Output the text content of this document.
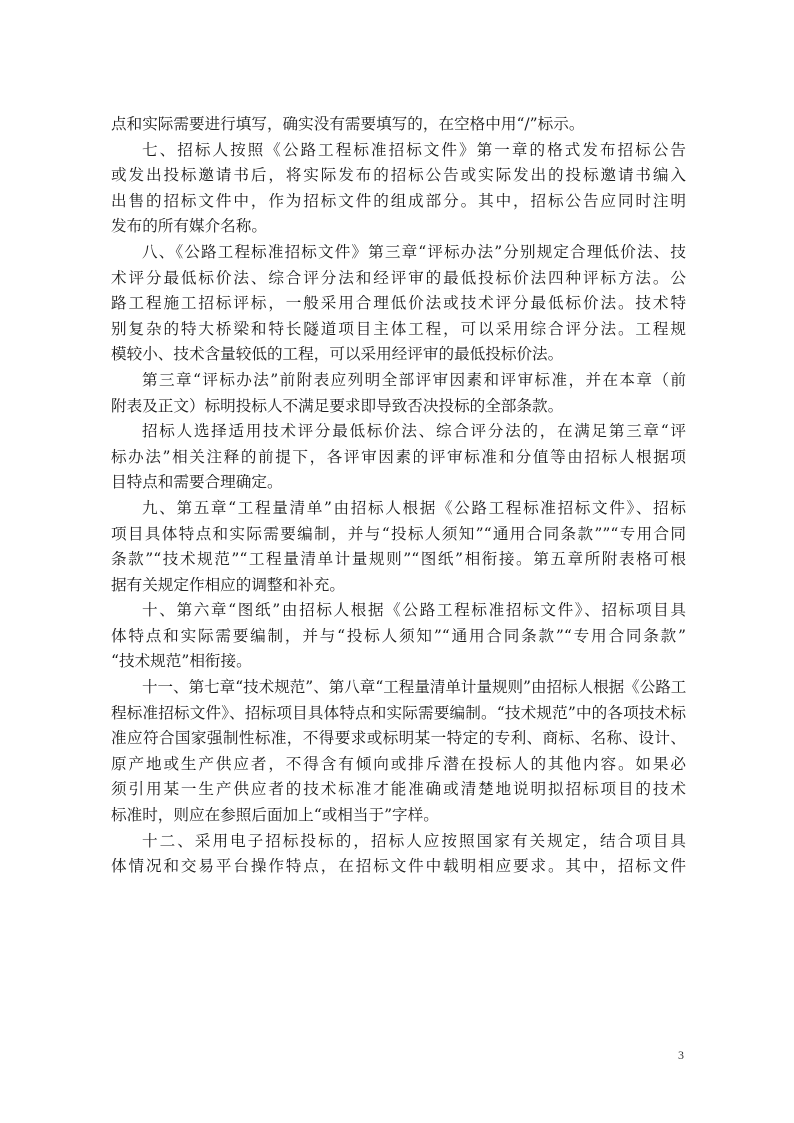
点和实际需要进行填写，确实没有需要填写的，在空格中用“/”标示。
七、招标人按照《公路工程标准招标文件》第一章的格式发布招标公告
或发出投标邀请书后，将实际发布的招标公告或实际发出的投标邀请书编入
出售的招标文件中，作为招标文件的组成部分。其中，招标公告应同时注明
发布的所有媒介名称。
八、《公路工程标准招标文件》第三章“评标办法”分别规定合理低价法、技
术评分最低标价法、综合评分法和经评审的最低投标价法四种评标方法。公
路工程施工招标评标，一般采用合理低价法或技术评分最低标价法。技术特
别复杂的特大桥梁和特长隧道项目主体工程，可以采用综合评分法。工程规
模较小、技术含量较低的工程，可以采用经评审的最低投标价法。
第三章“评标办法”前附表应列明全部评审因素和评审标准，并在本章（前
附表及正文）标明投标人不满足要求即导致否决投标的全部条款。
招标人选择适用技术评分最低标价法、综合评分法的，在满足第三章“评
标办法”相关注释的前提下，各评审因素的评审标准和分值等由招标人根据项
目特点和需要合理确定。
九、第五章“工程量清单”由招标人根据《公路工程标准招标文件》、招标
项目具体特点和实际需要编制，并与“投标人须知”“通用合同条款””“专用合同
条款”“技术规范”“工程量清单计量规则”“图纸”相衔接。第五章所附表格可根
据有关规定作相应的调整和补充。
十、第六章“图纸”由招标人根据《公路工程标准招标文件》、招标项目具
体特点和实际需要编制，并与“投标人须知”“通用合同条款”“专用合同条款”
“技术规范”相衔接。
十一、第七章“技术规范”、第八章“工程量清单计量规则”由招标人根据《公路工
程标准招标文件》、招标项目具体特点和实际需要编制。“技术规范”中的各项技术标
准应符合国家强制性标准，不得要求或标明某一特定的专利、商标、名称、设计、
原产地或生产供应者，不得含有倾向或排斥潜在投标人的其他内容。如果必
须引用某一生产供应者的技术标准才能准确或清楚地说明拟招标项目的技术
标准时，则应在参照后面加上“或相当于”字样。
十二、采用电子招标投标的，招标人应按照国家有关规定，结合项目具
体情况和交易平台操作特点，在招标文件中载明相应要求。其中，招标文件
3
